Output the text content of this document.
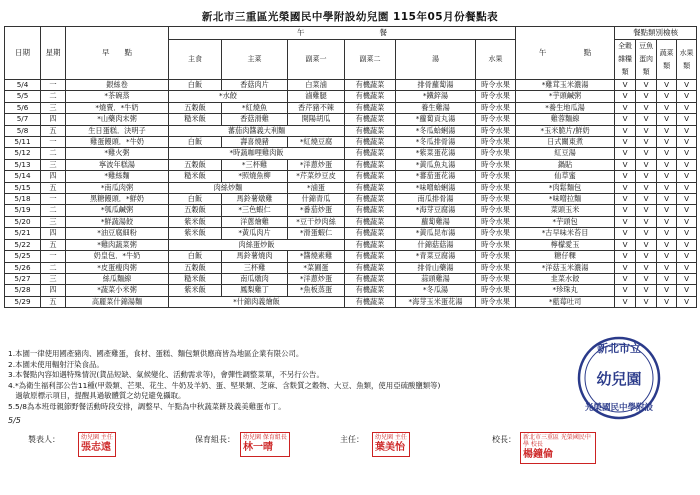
新北市三重區光榮國民中學附設幼兒園 115年05月份餐點表
日期	星期	早　　點	午　　　　　　　　　　餐						午　　　　　點	餐點類別檢核			
			主食	主菜	副菜一	副菜二	湯	水果		全穀雜糧類	豆魚蛋肉類	蔬菜類	水果類
5/4	一	銀絲卷	白飯	香菇肉片	白菜滷	有機蔬菜	排骨蘿蔔湯	時令水果	*雞茸玉米濃湯	V	V	V	V
5/5	二	*茶碗蒸	*水餃		滷雞腿	有機蔬菜	*鐵鋅湯	時令水果	*芋頭鹹粥	V	V	V	V
5/6	三	*燒賣．*牛奶	五穀飯	*紅燒魚	香芹豬不辣	有機蔬菜	養生雞湯	時令水果	*養生地瓜湯	V	V	V	V
5/7	四	*山藥肉末粥	糙米飯	香菇滑雞	開陽胡瓜	有機蔬菜	*蘿蔔貢丸湯	時令水果	雞蓉麵線	V	V	V	V
5/8	五	生日蛋糕．決明子	蕃茄肉醬義大利麵			有機蔬菜	*冬瓜蛤蜊湯	時令水果	*玉米脆片/鮮奶	V	V	V	V
5/11	一	雞蛋饅頭．*牛奶	白飯	壽喜燒豬	*紅燒豆腐	有機蔬菜	*冬瓜排骨湯	時令水果	日式關東煮	V	V	V	V
5/12	二	*雞火粥	*時蔬咖哩雞肉飯			有機蔬菜	*紫菜蛋花湯	時令水果	紅豆湯	V	V	V	V
5/13	三	寧波年糕湯	五穀飯	*三杯雞	*洋蔥炒蛋	有機蔬菜	*黃瓜魚丸湯	時令水果	鍋貼	V	V	V	V
5/14	四	*雞絲麵	糙米飯	*照燒魚柳	*芹菜炒豆皮	有機蔬菜	*蕃茄蛋花湯	時令水果	仙草蜜	V	V	V	V
5/15	五	*南瓜肉粥	肉絲炒麵		*滷蛋	有機蔬菜	*味噌蛤蜊湯	時令水果	*肉鬆麵包	V	V	V	V
5/18	一	黑糖饅頭．*鮮奶	白飯	馬鈴薯燉雞	什錦青瓜	有機蔬菜	南瓜排骨湯	時令水果	*味噌拉麵	V	V	V	V
5/19	二	*瓠瓜鹹粥	五穀飯	*三色蝦仁	*番茄炒蛋	有機蔬菜	*海芽豆腐湯	時令水果	菜頭玉米	V	V	V	V
5/20	三	*鮮蔬湯餃	紫米飯	洋蔥燴雞	*豆干炒肉絲	有機蔬菜	蘿蔔雞湯	時令水果	*芋頭包	V	V	V	V
5/21	四	*油豆腐細粉	紫米飯	*黃瓜肉片	*滑蛋蝦仁	有機蔬菜	*黃瓜昆布湯	時令水果	*古早味米苔目	V	V	V	V
5/22	五	*雞肉蔬菜粥	肉絲蛋炒飯			有機蔬菜	什錦菇菇湯	時令水果	檸檬愛玉	V	V	V	V
5/25	一	奶皇包．*牛奶	白飯	馬鈴薯燒肉	*醬燒素雞	有機蔬菜	*青菜豆腐湯	時令水果	糖仔粿	V	V	V	V
5/26	二	*皮蛋瘦肉粥	五穀飯	三杯雞	*菜圃蛋	有機蔬菜	排骨山藥湯	時令水果	*洋菇玉米濃湯	V	V	V	V
5/27	三	絲瓜麵線	糙米飯	南瓜燉肉	*洋蔥炒蛋	有機蔬菜	蒜頭雞湯	時令水果	韭菜水餃	V	V	V	V
5/28	四	*蔬菜小米粥	紫米飯	鳳梨雞丁	*魚板蒸蛋	有機蔬菜	*冬瓜湯	時令水果	*珍珠丸	V	V	V	V
5/29	五	高麗菜什錦湯麵	*什錦肉義燴飯			有機蔬菜	*海芽玉米蛋花湯	時令水果	*藍莓吐司	V	V	V	V
1.本園一律使用國產豬肉、國產雞蛋，食材、蛋糕、麵包類供應商皆為地區企業有限公司。
2.本園未使用輻射汙染食品。
3.本餐點內容如遇特殊情況(貨品短缺、氣候變化、活動需求等)，會彈性調整菜單，不另行公告。
4.*為衛生福利部公告11種(甲殼類、芒果、花生、牛奶及羊奶、蛋、堅果類、芝麻、含麩質之穀物、大豆、魚類，使用亞硫酸鹽類等)
　過敏原標示項目，提醒具過敏體質之幼兒避免攝取。
5.5/8為本班母親節野餐活動時段安排，調整早、午點為中秋蔬菜餅及義美雞蛋布丁。
5/5
新北市立
幼兒園
光榮國民中學附設
製表人：	幼兒園 主任
張志遠
保育組長： 幼兒園 保育組長
林一晴
主任： 幼兒園 主任
葉美怡
校長： 新北市三重區 光榮國民中學 校長
楊鐘倫
